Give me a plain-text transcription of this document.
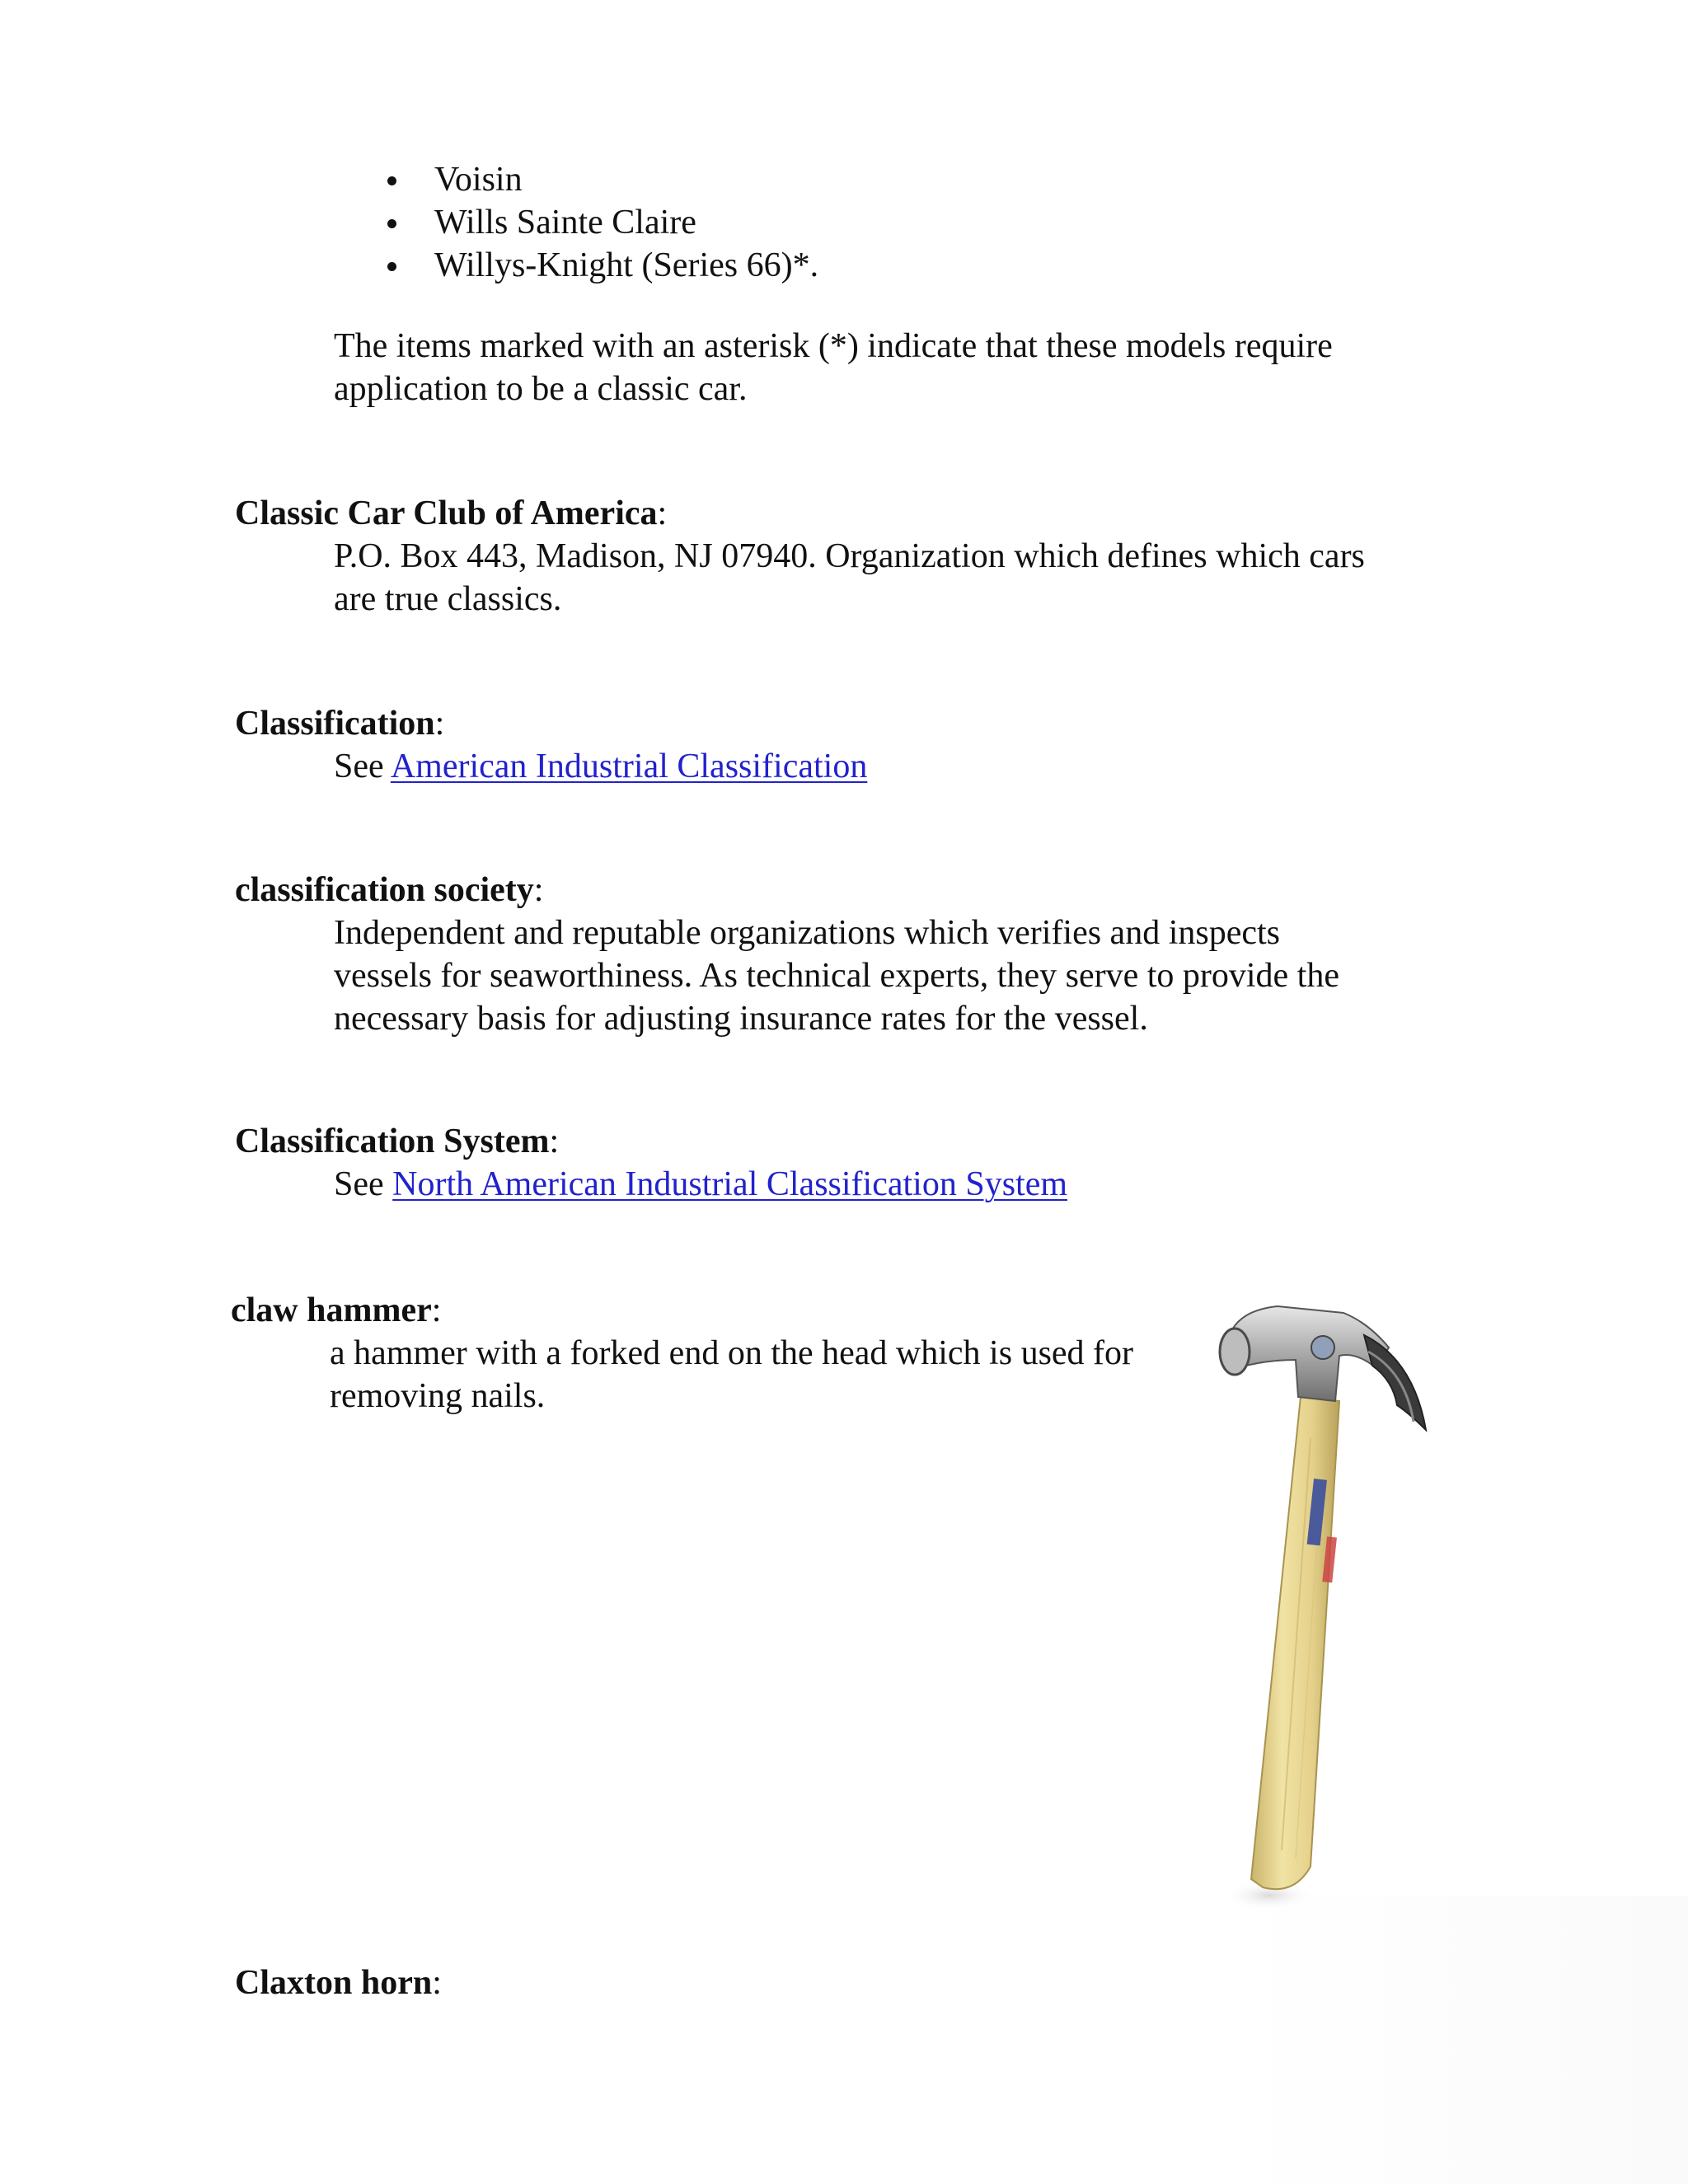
Voisin
Wills Sainte Claire
Willys-Knight (Series 66)*.
The items marked with an asterisk (*) indicate that these models require
application to be a classic car.
Classic Car Club of America:
P.O. Box 443, Madison, NJ 07940. Organization which defines which cars
are true classics.
Classification:
See American Industrial Classification
classification society:
Independent and reputable organizations which verifies and inspects
vessels for seaworthiness. As technical experts, they serve to provide the
necessary basis for adjusting insurance rates for the vessel.
Classification System:
See North American Industrial Classification System
claw hammer:
a hammer with a forked end on the head which is used for
removing nails.
Claxton horn:
